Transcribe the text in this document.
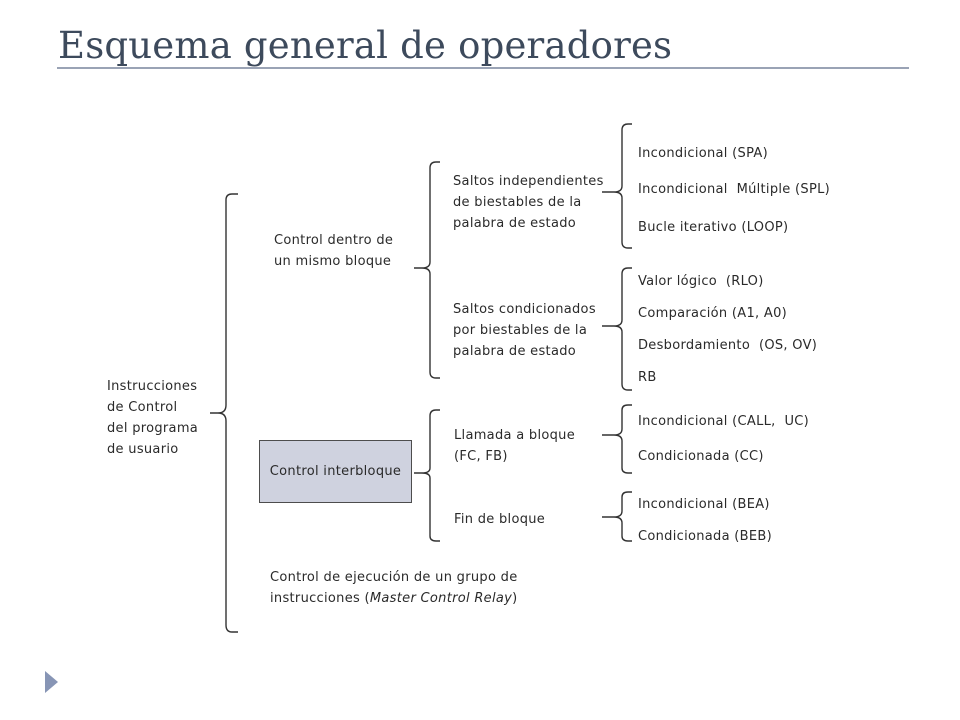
Esquema general de operadores
Instrucciones
de Control
del programa
de usuario
Control dentro de
un mismo bloque
Control interbloque
Control de ejecución de un grupo de
instrucciones (Master Control Relay)
Saltos independientes
de biestables de la
palabra de estado
Saltos condicionados
por biestables de la
palabra de estado
Llamada a bloque
(FC, FB)
Fin de bloque
Incondicional (SPA)
Incondicional  Múltiple (SPL)
Bucle iterativo (LOOP)
Valor lógico  (RLO)
Comparación (A1, A0)
Desbordamiento  (OS, OV)
RB
Incondicional (CALL,  UC)
Condicionada (CC)
Incondicional (BEA)
Condicionada (BEB)
